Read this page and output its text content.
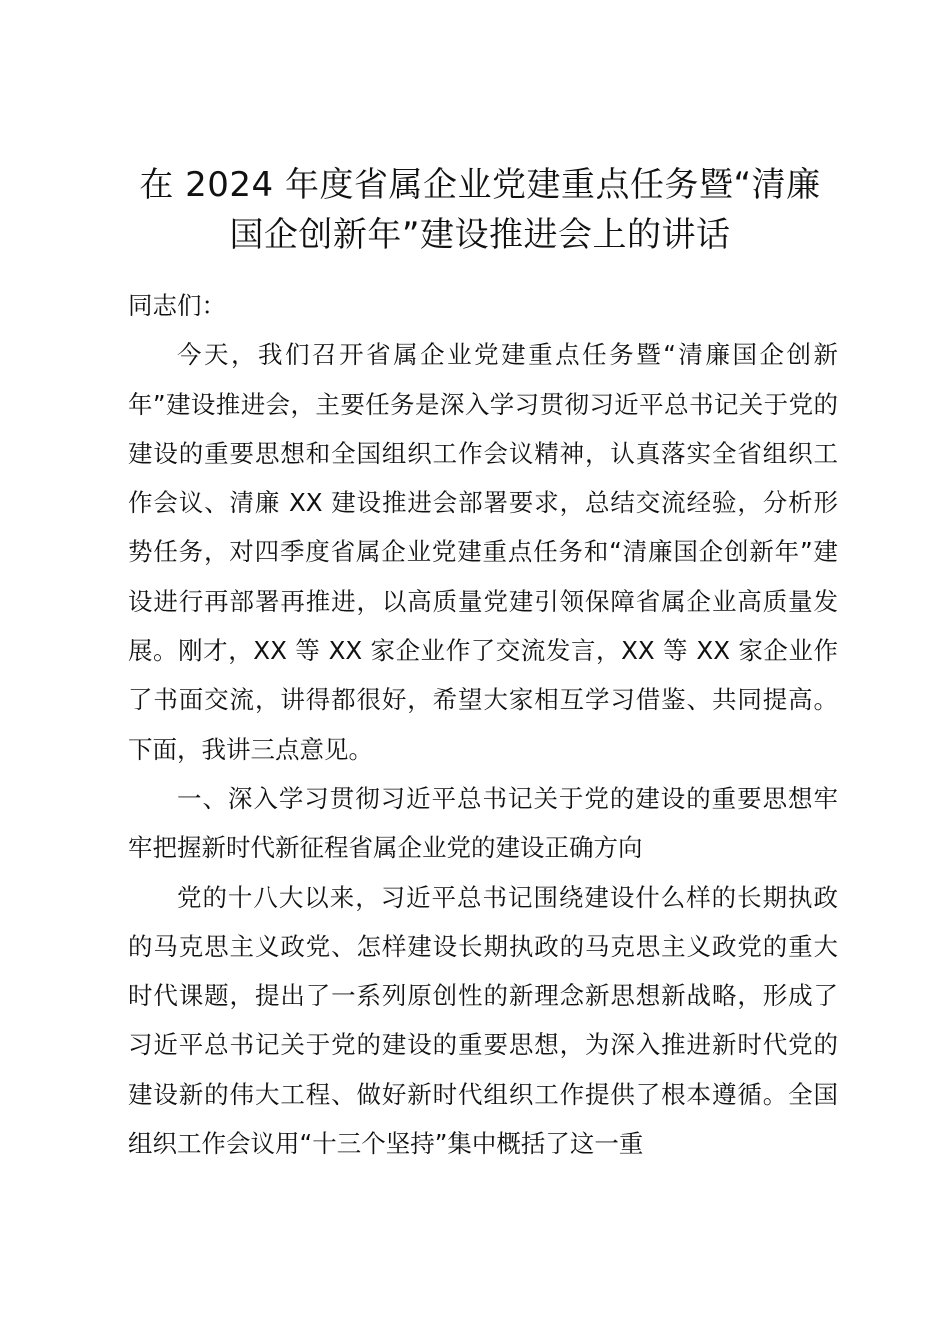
在 2024 年度省属企业党建重点任务暨“清廉
国企创新年”建设推进会上的讲话

同志们：

今天，我们召开省属企业党建重点任务暨“清廉国企创新年”建设推进会，主要任务是深入学习贯彻习近平总书记关于党的建设的重要思想和全国组织工作会议精神，认真落实全省组织工作会议、清廉 XX 建设推进会部署要求，总结交流经验，分析形势任务，对四季度省属企业党建重点任务和“清廉国企创新年”建设进行再部署再推进，以高质量党建引领保障省属企业高质量发展。刚才，XX 等 XX 家企业作了交流发言，XX 等 XX 家企业作了书面交流，讲得都很好，希望大家相互学习借鉴、共同提高。下面，我讲三点意见。

一、深入学习贯彻习近平总书记关于党的建设的重要思想牢牢把握新时代新征程省属企业党的建设正确方向

党的十八大以来，习近平总书记围绕建设什么样的长期执政的马克思主义政党、怎样建设长期执政的马克思主义政党的重大时代课题，提出了一系列原创性的新理念新思想新战略，形成了习近平总书记关于党的建设的重要思想，为深入推进新时代党的建设新的伟大工程、做好新时代组织工作提供了根本遵循。全国组织工作会议用“十三个坚持”集中概括了这一重
